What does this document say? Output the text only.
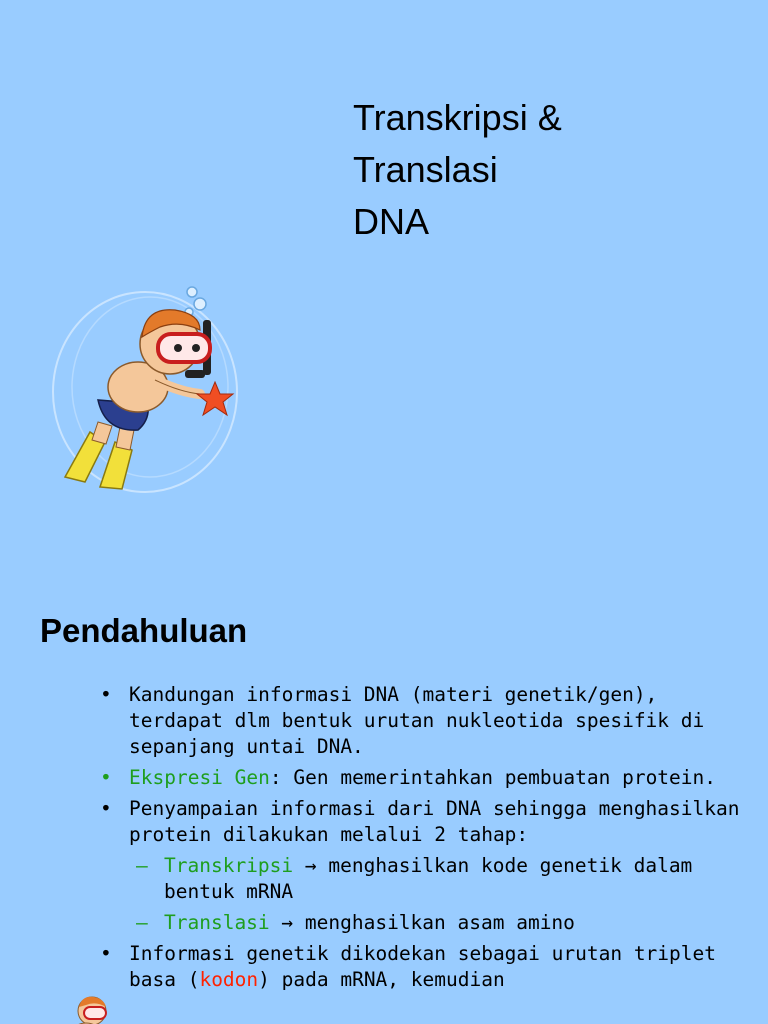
Transkripsi &
Translasi
DNA
Pendahuluan
• Kandungan informasi DNA (materi genetik/gen), terdapat dlm bentuk urutan nukleotida spesifik di sepanjang untai DNA.
• Ekspresi Gen: Gen memerintahkan pembuatan protein.
• Penyampaian informasi dari DNA sehingga menghasilkan protein dilakukan melalui 2 tahap:
– Transkripsi → menghasilkan kode genetik dalam bentuk mRNA
– Translasi → menghasilkan asam amino
• Informasi genetik dikodekan sebagai urutan triplet basa (kodon) pada mRNA, kemudian
